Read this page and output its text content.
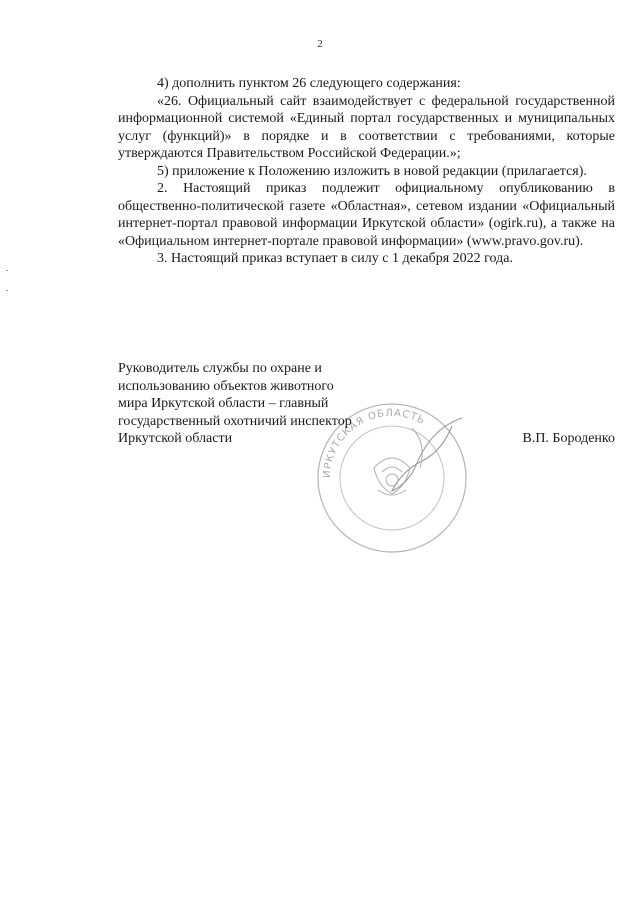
2

4) дополнить пунктом 26 следующего содержания:

«26. Официальный сайт взаимодействует с федеральной государственной информационной системой «Единый портал государственных и муниципальных услуг (функций)» в порядке и в соответствии с требованиями, которые утверждаются Правительством Российской Федерации.»;

5) приложение к Положению изложить в новой редакции (прилагается).

2. Настоящий приказ подлежит официальному опубликованию в общественно-политической газете «Областная», сетевом издании «Официальный интернет-портал правовой информации Иркутской области» (ogirk.ru), а также на «Официальном интернет-портале правовой информации» (www.pravo.gov.ru).

3. Настоящий приказ вступает в силу с 1 декабря 2022 года.

ИРКУТСКАЯ ОБЛАСТЬ
Руководитель службы по охране и
использованию объектов животного
мира Иркутской области – главный
государственный охотничий инспектор
Иркутской области	В.П. Бороденко
